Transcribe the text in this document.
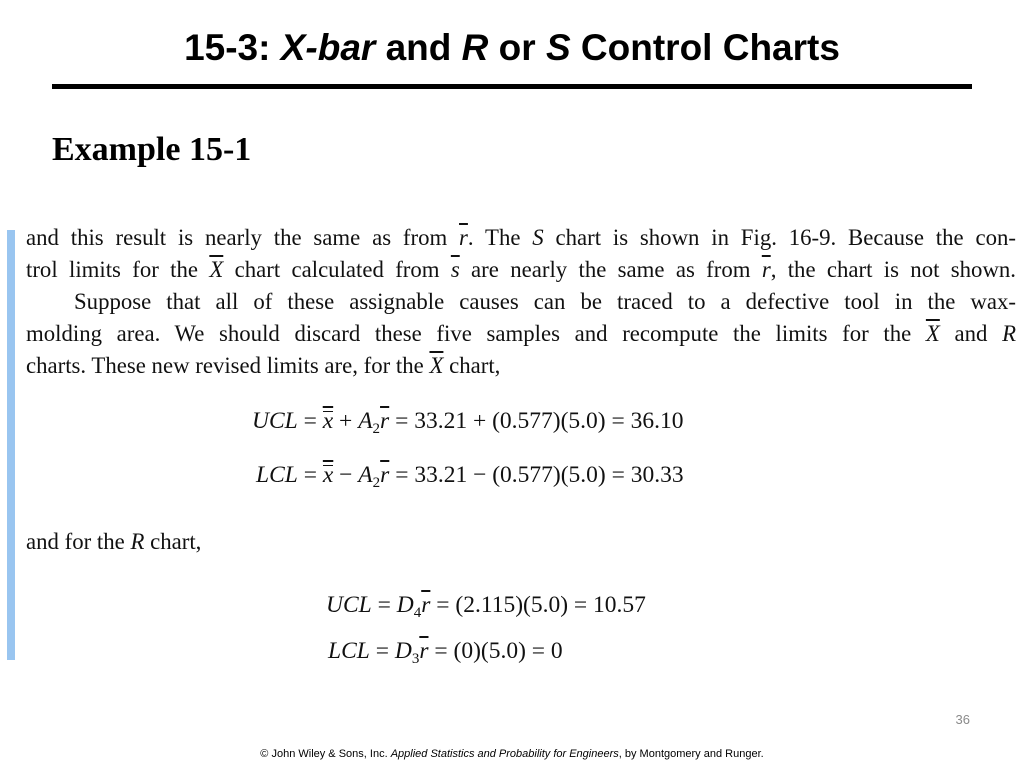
15-3: X-bar and R or S Control Charts
Example 15-1
and this result is nearly the same as from $\overline{r}$. The S chart is shown in Fig. 16-9. Because the con-
trol limits for the $\overline{X}$ chart calculated from $\overline{s}$ are nearly the same as from $\overline{r}$, the chart is not shown.
Suppose that all of these assignable causes can be traced to a defective tool in the wax-
molding area. We should discard these five samples and recompute the limits for the $\overline{X}$ and R
charts. These new revised limits are, for the $\overline{X}$ chart,
UCL = $\overline{x} + A_2\overline{r} = 33.21 + (0.577)(5.0) = 36.10$
LCL = $\overline{x} - A_2\overline{r} = 33.21 - (0.577)(5.0) = 30.33$
and for the R chart,
UCL = $D_4\overline{r} = (2.115)(5.0) = 10.57$
LCL = $D_3\overline{r} = (0)(5.0) = 0$
36
© John Wiley & Sons, Inc. Applied Statistics and Probability for Engineers, by Montgomery and Runger.
